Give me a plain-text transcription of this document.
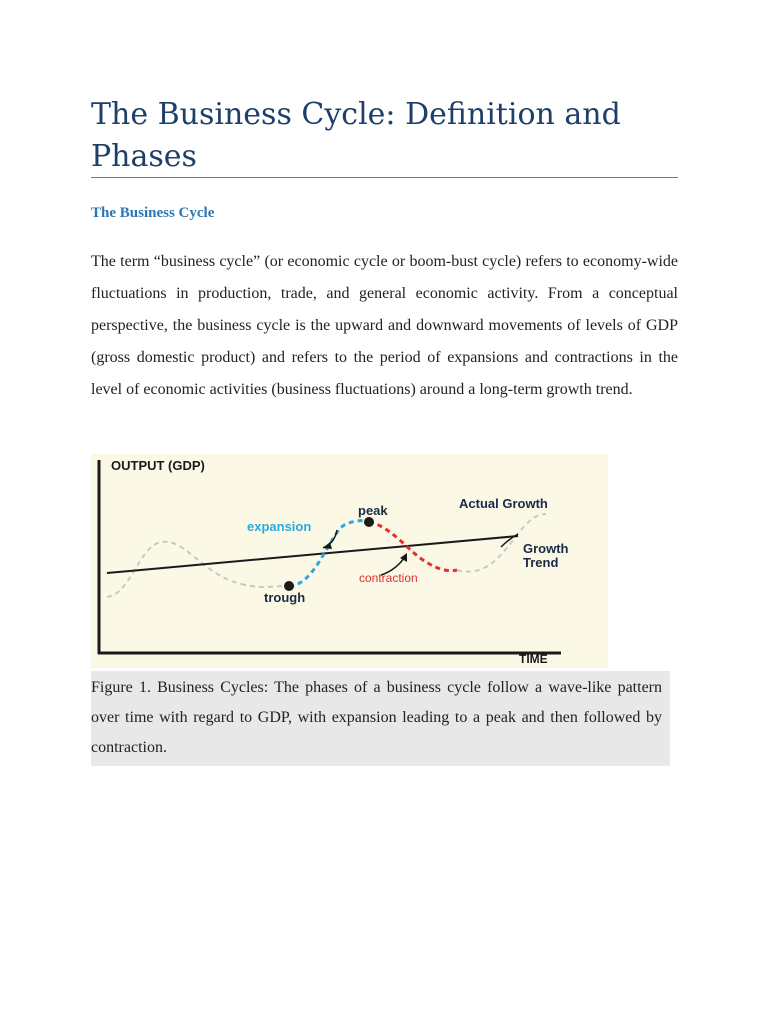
The Business Cycle: Definition and Phases
The Business Cycle

The term “business cycle” (or economic cycle or boom-bust cycle) refers to economy-wide fluctuations in production, trade, and general economic activity. From a conceptual perspective, the business cycle is the upward and downward movements of levels of GDP (gross domestic product) and refers to the period of expansions and contractions in the level of economic activities (business fluctuations) around a long-term growth trend.

OUTPUT (GDP)
TIME
expansion
peak
trough
contraction
Actual Growth
Growth
Trend

Figure 1. Business Cycles: The phases of a business cycle follow a wave-like pattern over time with regard to GDP, with expansion leading to a peak and then followed by contraction.
